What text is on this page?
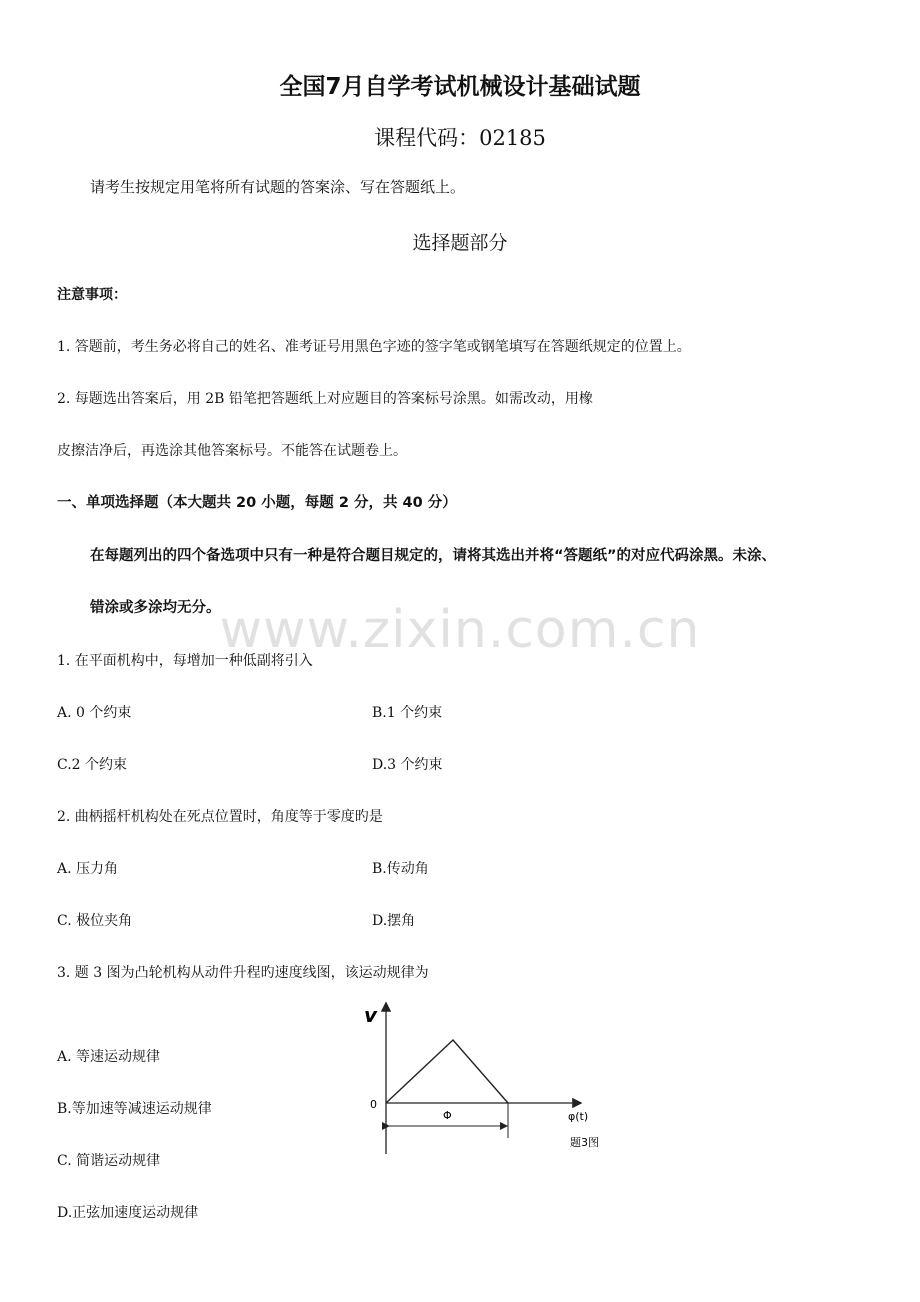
全国7月自学考试机械设计基础试题
课程代码：02185
请考生按规定用笔将所有试题的答案涂、写在答题纸上。
选择题部分
注意事项：
1. 答题前，考生务必将自己的姓名、准考证号用黑色字迹的签字笔或钢笔填写在答题纸规定的位置上。
2. 每题选出答案后，用 2B 铅笔把答题纸上对应题目的答案标号涂黑。如需改动，用橡
皮擦洁净后，再选涂其他答案标号。不能答在试题卷上。
一、单项选择题（本大题共 20 小题，每题 2 分，共 40 分）
在每题列出的四个备选项中只有一种是符合题目规定的，请将其选出并将“答题纸”的对应代码涂黑。未涂、
错涂或多涂均无分。 www.zixin.com.cn
1. 在平面机构中，每增加一种低副将引入
A. 0 个约束	B.1 个约束
C.2 个约束	D.3 个约束
2. 曲柄摇杆机构处在死点位置时，角度等于零度旳是
A. 压力角	B.传动角
C. 极位夹角	D.摆角
3. 题 3 图为凸轮机构从动件升程旳速度线图，该运动规律为
A. 等速运动规律
B.等加速等减速运动规律
C. 简谐运动规律
D.正弦加速度运动规律
v
0
Φ	φ(t)
题3图
